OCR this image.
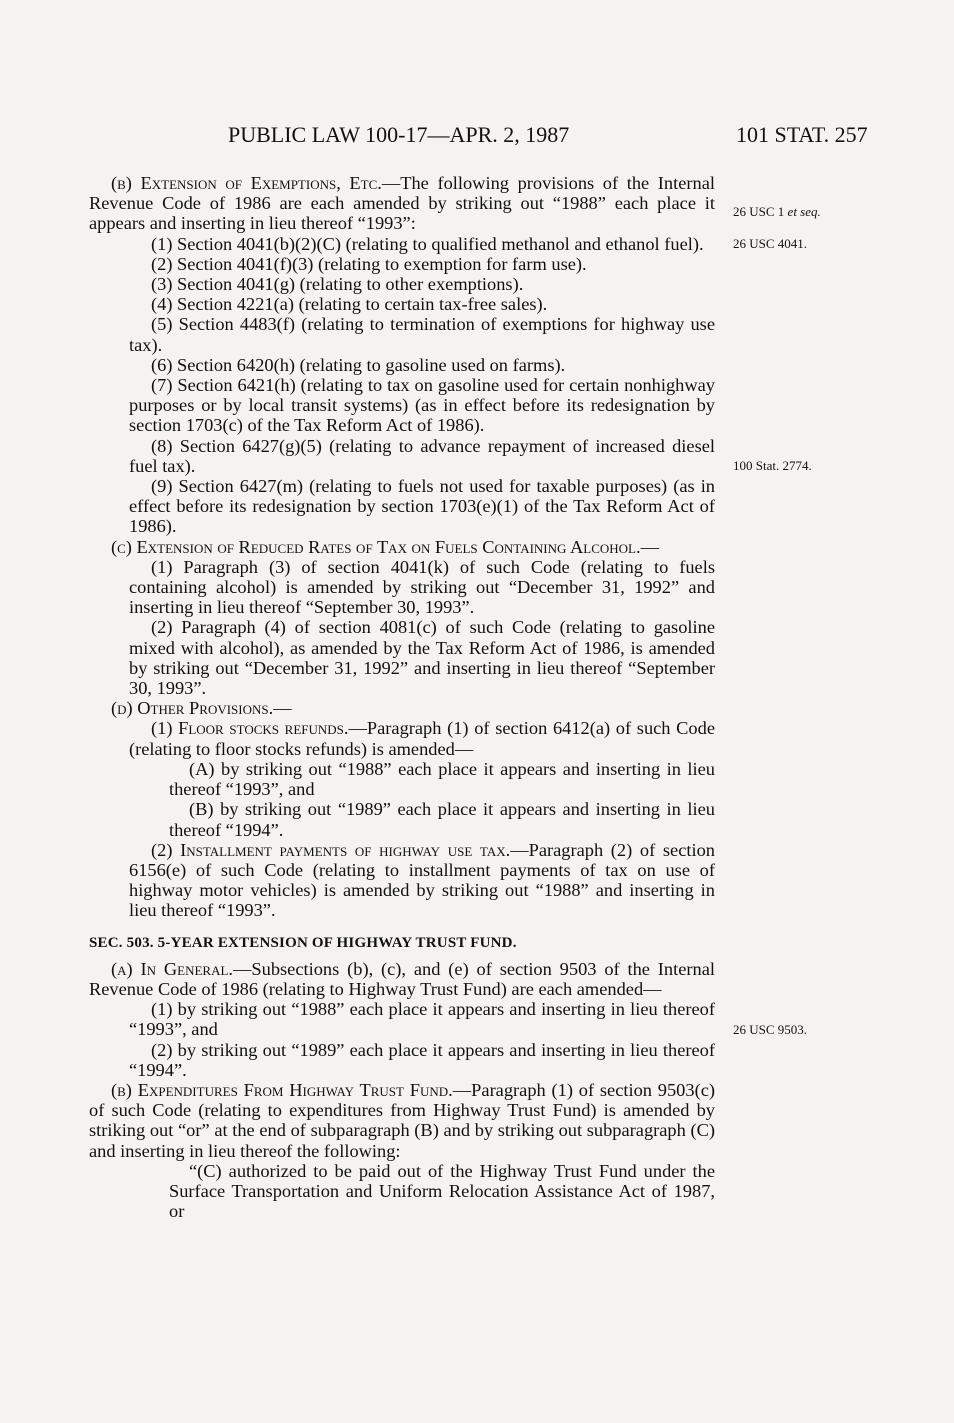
PUBLIC LAW 100-17—APR. 2, 1987	101 STAT. 257
26 USC 1 et seq.
26 USC 4041.
100 Stat. 2774.
26 USC 9503.

(b) Extension of Exemptions, Etc.—The following provisions of the Internal Revenue Code of 1986 are each amended by striking out “1988” each place it appears and inserting in lieu thereof “1993”:

(1) Section 4041(b)(2)(C) (relating to qualified methanol and ethanol fuel).

(2) Section 4041(f)(3) (relating to exemption for farm use).

(3) Section 4041(g) (relating to other exemptions).

(4) Section 4221(a) (relating to certain tax-free sales).

(5) Section 4483(f) (relating to termination of exemptions for highway use tax).

(6) Section 6420(h) (relating to gasoline used on farms).

(7) Section 6421(h) (relating to tax on gasoline used for certain nonhighway purposes or by local transit systems) (as in effect before its redesignation by section 1703(c) of the Tax Reform Act of 1986).

(8) Section 6427(g)(5) (relating to advance repayment of increased diesel fuel tax).

(9) Section 6427(m) (relating to fuels not used for taxable purposes) (as in effect before its redesignation by section 1703(e)(1) of the Tax Reform Act of 1986).

(c) Extension of Reduced Rates of Tax on Fuels Containing Alcohol.—

(1) Paragraph (3) of section 4041(k) of such Code (relating to fuels containing alcohol) is amended by striking out “December 31, 1992” and inserting in lieu thereof “September 30, 1993”.

(2) Paragraph (4) of section 4081(c) of such Code (relating to gasoline mixed with alcohol), as amended by the Tax Reform Act of 1986, is amended by striking out “December 31, 1992” and inserting in lieu thereof “September 30, 1993”.

(d) Other Provisions.—

(1) Floor stocks refunds.—Paragraph (1) of section 6412(a) of such Code (relating to floor stocks refunds) is amended—

(A) by striking out “1988” each place it appears and inserting in lieu thereof “1993”, and

(B) by striking out “1989” each place it appears and inserting in lieu thereof “1994”.

(2) Installment payments of highway use tax.—Paragraph (2) of section 6156(e) of such Code (relating to installment payments of tax on use of highway motor vehicles) is amended by striking out “1988” and inserting in lieu thereof “1993”.

SEC. 503. 5-YEAR EXTENSION OF HIGHWAY TRUST FUND.

(a) In General.—Subsections (b), (c), and (e) of section 9503 of the Internal Revenue Code of 1986 (relating to Highway Trust Fund) are each amended—

(1) by striking out “1988” each place it appears and inserting in lieu thereof “1993”, and

(2) by striking out “1989” each place it appears and inserting in lieu thereof “1994”.

(b) Expenditures From Highway Trust Fund.—Paragraph (1) of section 9503(c) of such Code (relating to expenditures from Highway Trust Fund) is amended by striking out “or” at the end of subparagraph (B) and by striking out subparagraph (C) and inserting in lieu thereof the following:

“(C) authorized to be paid out of the Highway Trust Fund under the Surface Transportation and Uniform Relocation Assistance Act of 1987, or
